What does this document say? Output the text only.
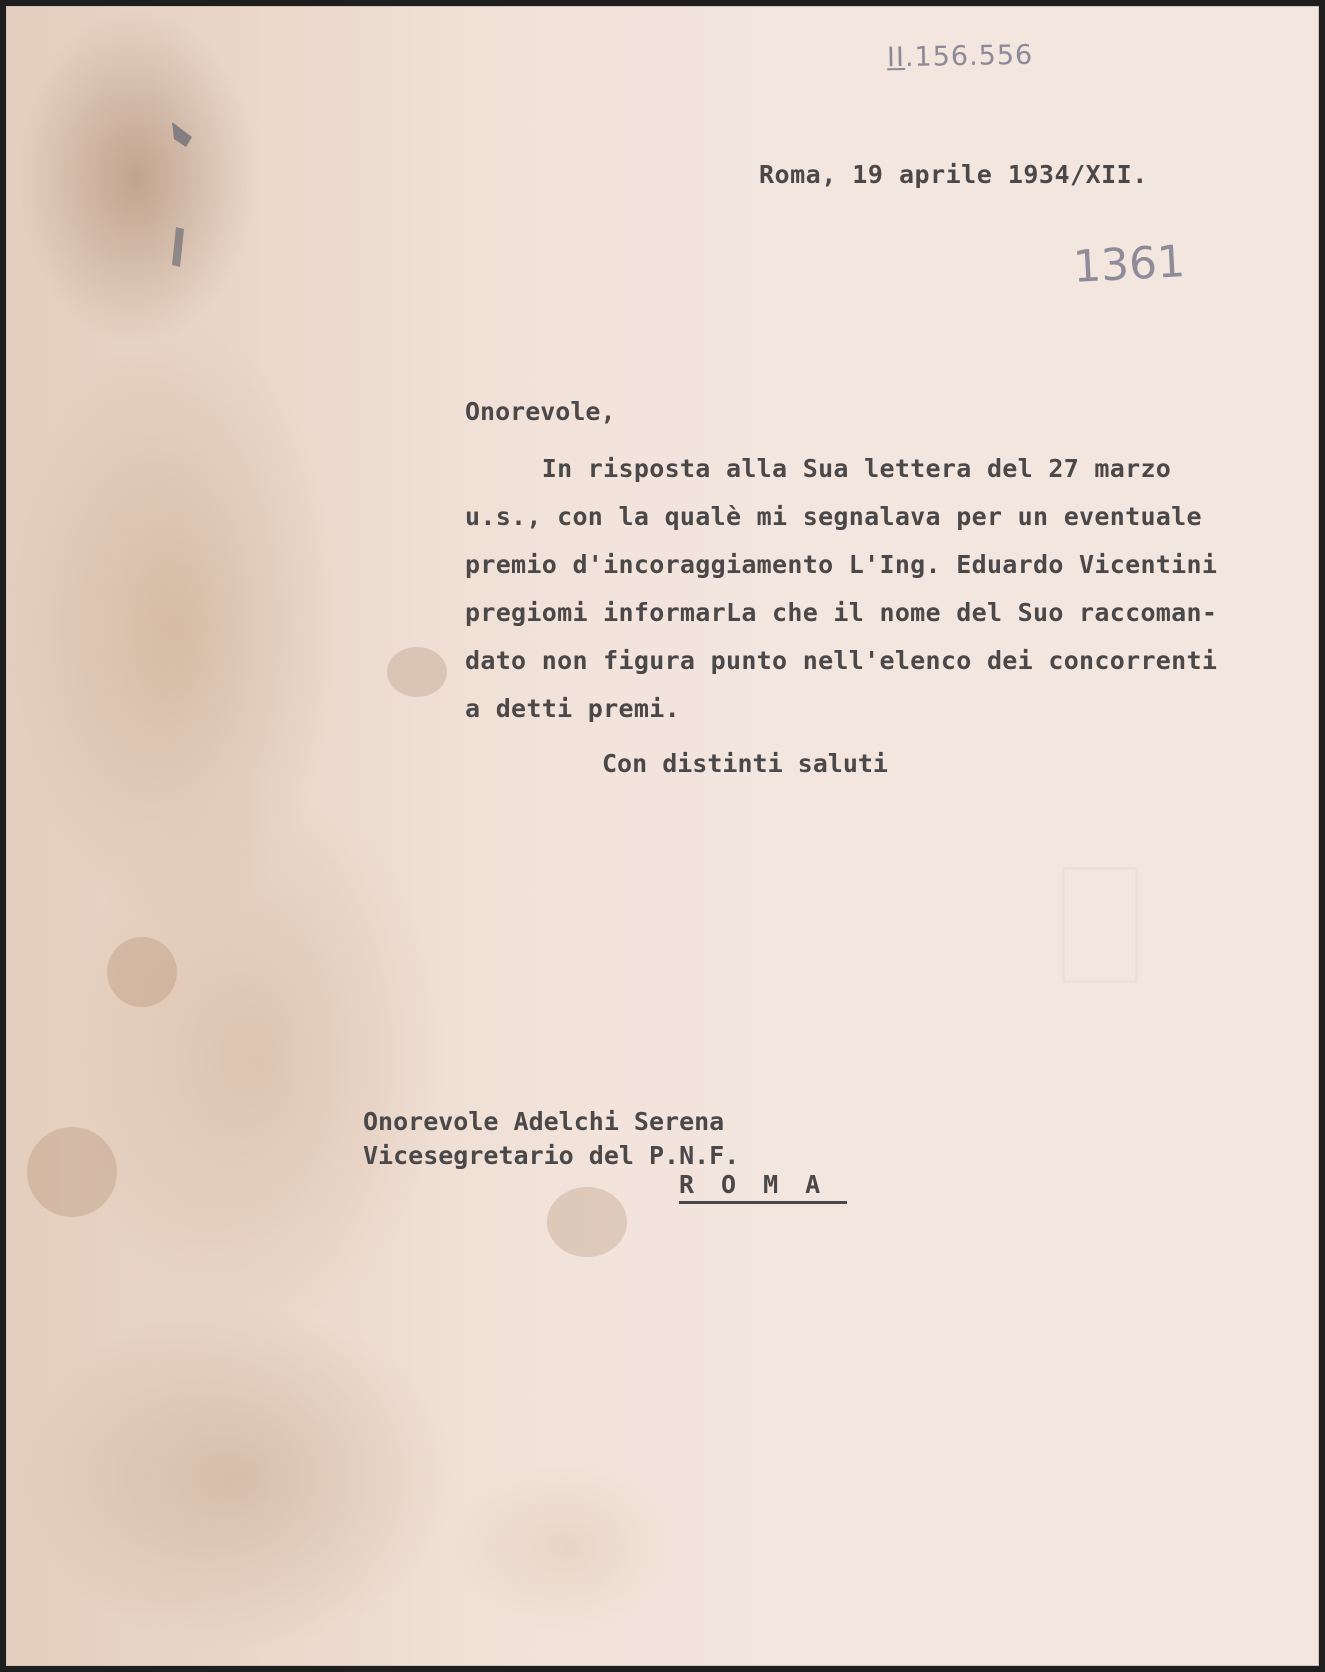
II.156.556
Roma, 19 aprile 1934/XII.
1361
Onorevole,
In risposta alla Sua lettera del 27 marzo
u.s., con la qualè mi segnalava per un eventuale
premio d'incoraggiamento L'Ing. Eduardo Vicentini
pregiomi informarLa che il nome del Suo raccoman-
dato non figura punto nell'elenco dei concorrenti
a detti premi.
Con distinti saluti
Onorevole Adelchi Serena
Vicesegretario del P.N.F.
ROMA
